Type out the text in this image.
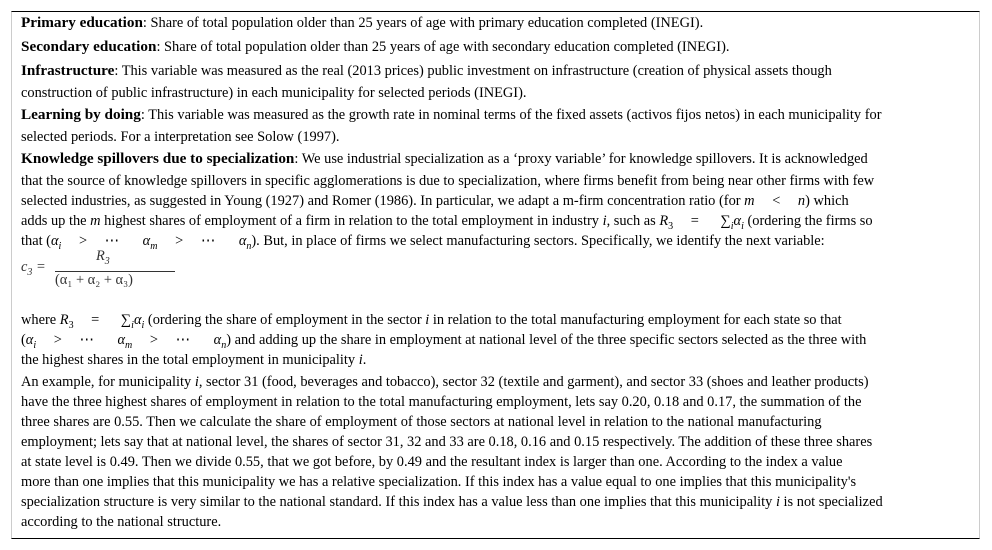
Primary education: Share of total population older than 25 years of age with primary education completed (INEGI).
Secondary education: Share of total population older than 25 years of age with secondary education completed (INEGI).
Infrastructure: This variable was measured as the real (2013 prices) public investment on infrastructure (creation of physical assets though
construction of public infrastructure) in each municipality for selected periods (INEGI).
Learning by doing: This variable was measured as the growth rate in nominal terms of the fixed assets (activos fijos netos) in each municipality for
selected periods. For a interpretation see Solow (1997).
Knowledge spillovers due to specialization: We use industrial specialization as a ‘proxy variable’ for knowledge spillovers. It is acknowledged
that the source of knowledge spillovers in specific agglomerations is due to specialization, where firms benefit from being near other firms with few
selected industries, as suggested in Young (1927) and Romer (1986). In particular, we adapt a m-firm concentration ratio (for m < n) which
adds up the m highest shares of employment of a firm in relation to the total employment in industry i, such as $R_3 = \sum_i\alpha_i$ (ordering the firms so
that ($\alpha_i$ > ⋯ $\alpha_m$ > ⋯ $\alpha_n$). But, in place of firms we select manufacturing sectors. Specifically, we identify the next variable:
$c_3$ =
$R_3$
(α₁ + α₂ + α₃)
where $R_3 = \sum_i\alpha_i$ (ordering the share of employment in the sector i in relation to the total manufacturing employment for each state so that
($\alpha_i$ > ⋯ $\alpha_m$ > ⋯ $\alpha_n$) and adding up the share in employment at national level of the three specific sectors selected as the three with
the highest shares in the total employment in municipality i.
An example, for municipality i, sector 31 (food, beverages and tobacco), sector 32 (textile and garment), and sector 33 (shoes and leather products)
have the three highest shares of employment in relation to the total manufacturing employment, lets say 0.20, 0.18 and 0.17, the summation of the
three shares are 0.55. Then we calculate the share of employment of those sectors at national level in relation to the national manufacturing
employment; lets say that at national level, the shares of sector 31, 32 and 33 are 0.18, 0.16 and 0.15 respectively. The addition of these three shares
at state level is 0.49. Then we divide 0.55, that we got before, by 0.49 and the resultant index is larger than one. According to the index a value
more than one implies that this municipality we has a relative specialization. If this index has a value equal to one implies that this municipality's
specialization structure is very similar to the national standard. If this index has a value less than one implies that this municipality i is not specialized
according to the national structure.
